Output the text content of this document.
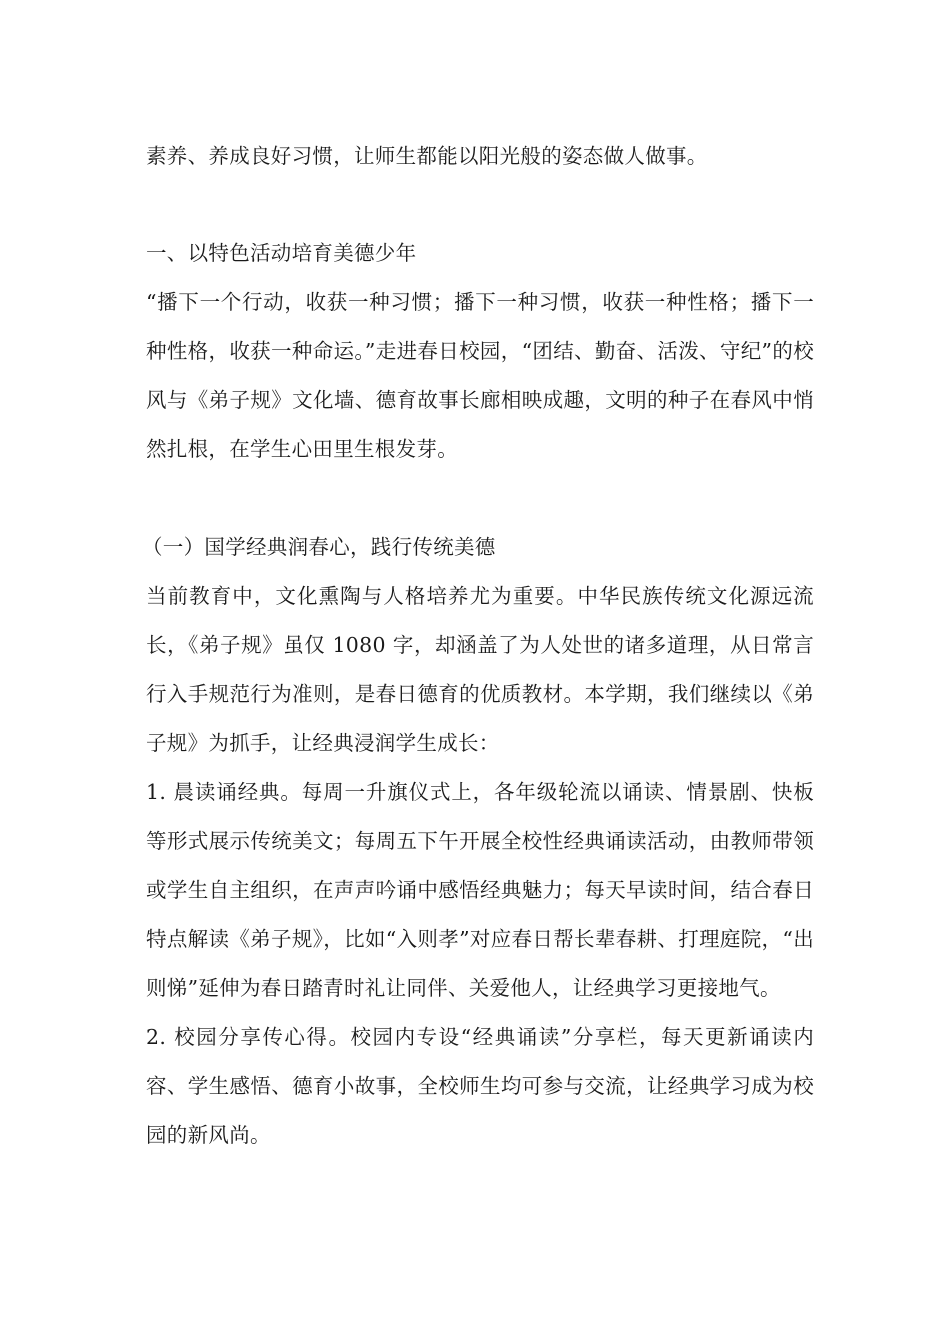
素养、养成良好习惯，让师生都能以阳光般的姿态做人做事。

一、以特色活动培育美德少年

“播下一个行动，收获一种习惯；播下一种习惯，收获一种性格；播下一种性格，收获一种命运。”走进春日校园，“团结、勤奋、活泼、守纪”的校风与《弟子规》文化墙、德育故事长廊相映成趣，文明的种子在春风中悄然扎根，在学生心田里生根发芽。

（一）国学经典润春心，践行传统美德

当前教育中，文化熏陶与人格培养尤为重要。中华民族传统文化源远流长，《弟子规》虽仅 1080 字，却涵盖了为人处世的诸多道理，从日常言行入手规范行为准则，是春日德育的优质教材。本学期，我们继续以《弟子规》为抓手，让经典浸润学生成长：

1. 晨读诵经典。每周一升旗仪式上，各年级轮流以诵读、情景剧、快板等形式展示传统美文；每周五下午开展全校性经典诵读活动，由教师带领或学生自主组织，在声声吟诵中感悟经典魅力；每天早读时间，结合春日特点解读《弟子规》，比如“入则孝”对应春日帮长辈春耕、打理庭院，“出则悌”延伸为春日踏青时礼让同伴、关爱他人，让经典学习更接地气。

2. 校园分享传心得。校园内专设“经典诵读”分享栏，每天更新诵读内容、学生感悟、德育小故事，全校师生均可参与交流，让经典学习成为校园的新风尚。
